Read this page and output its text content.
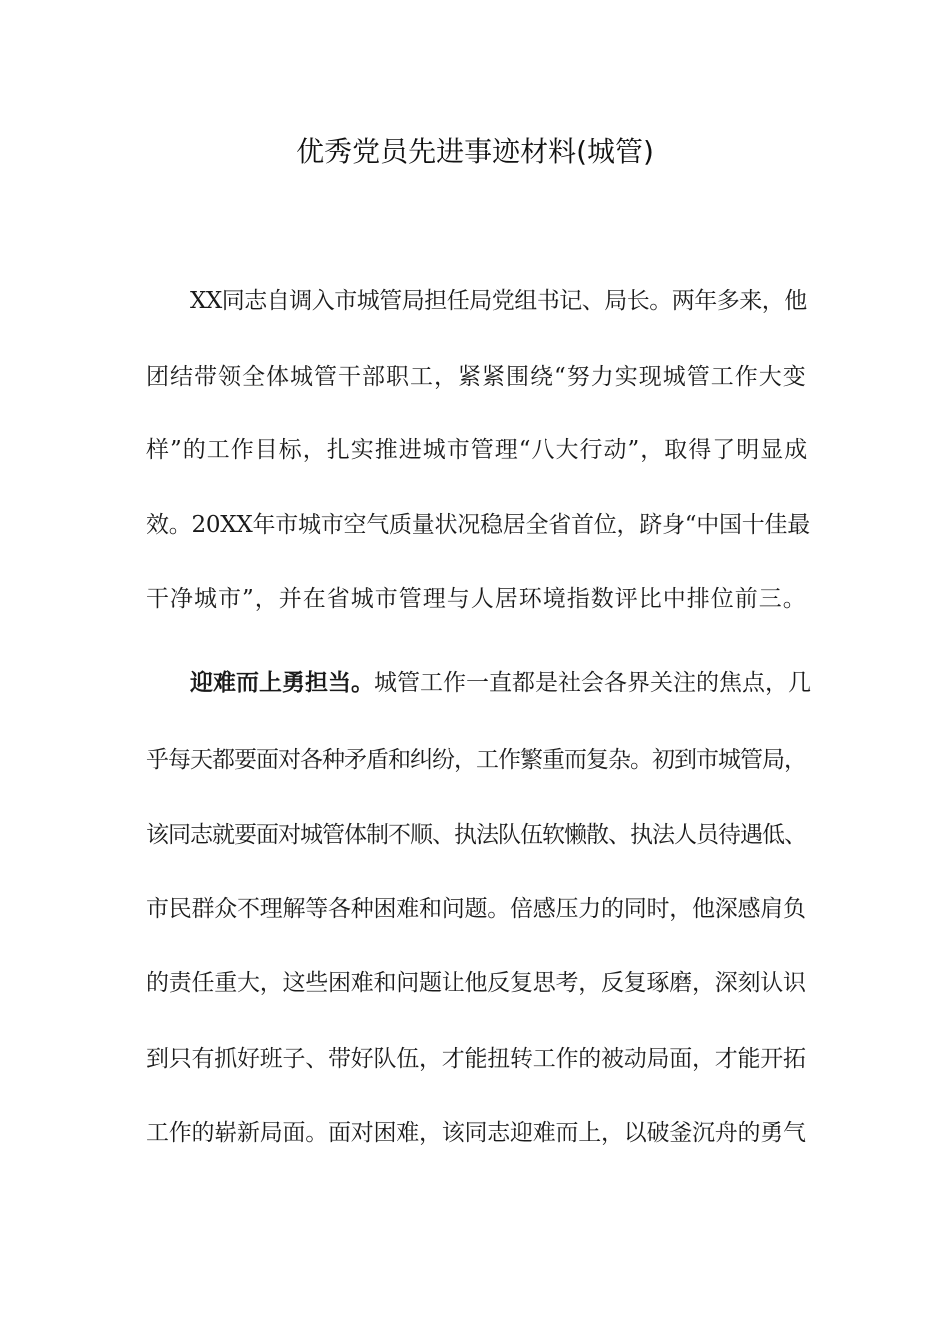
优秀党员先进事迹材料(城管)
XX同志自调入市城管局担任局党组书记、局长。两年多来，他
团结带领全体城管干部职工，紧紧围绕“努力实现城管工作大变
样”的工作目标，扎实推进城市管理“八大行动”，取得了明显成
效。20XX年市城市空气质量状况稳居全省首位，跻身“中国十佳最
干净城市”，并在省城市管理与人居环境指数评比中排位前三。
迎难而上勇担当。城管工作一直都是社会各界关注的焦点，几
乎每天都要面对各种矛盾和纠纷，工作繁重而复杂。初到市城管局，
该同志就要面对城管体制不顺、执法队伍软懒散、执法人员待遇低、
市民群众不理解等各种困难和问题。倍感压力的同时，他深感肩负
的责任重大，这些困难和问题让他反复思考，反复琢磨，深刻认识
到只有抓好班子、带好队伍，才能扭转工作的被动局面，才能开拓
工作的崭新局面。面对困难，该同志迎难而上，以破釜沉舟的勇气
